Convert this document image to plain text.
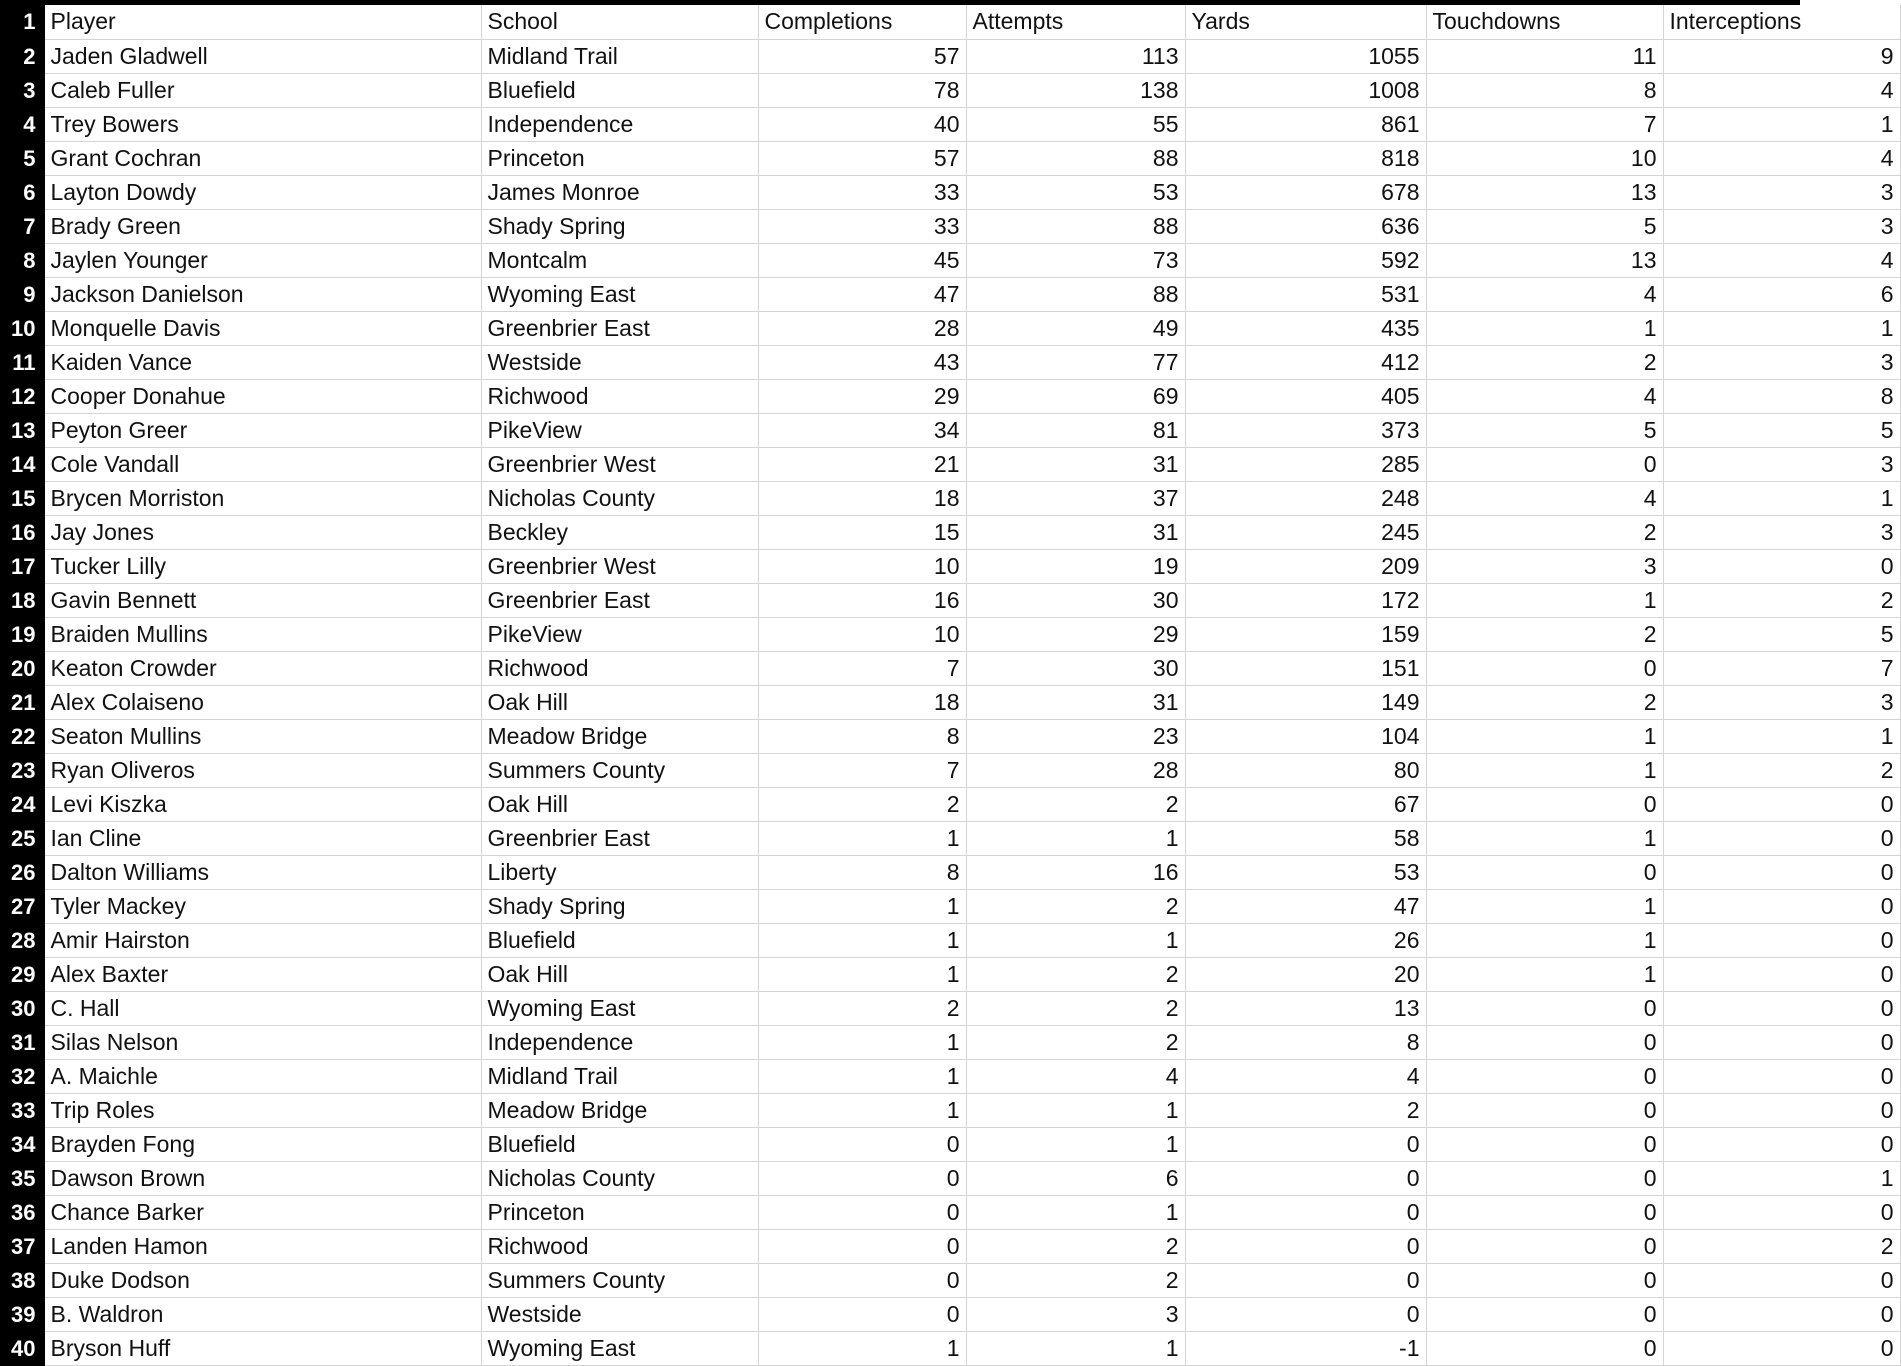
1	Player	School	Completions	Attempts	Yards	Touchdowns	Interceptions
2	Jaden Gladwell	Midland Trail	57	113	1055	11	9
3	Caleb Fuller	Bluefield	78	138	1008	8	4
4	Trey Bowers	Independence	40	55	861	7	1
5	Grant Cochran	Princeton	57	88	818	10	4
6	Layton Dowdy	James Monroe	33	53	678	13	3
7	Brady Green	Shady Spring	33	88	636	5	3
8	Jaylen Younger	Montcalm	45	73	592	13	4
9	Jackson Danielson	Wyoming East	47	88	531	4	6
10	Monquelle Davis	Greenbrier East	28	49	435	1	1
11	Kaiden Vance	Westside	43	77	412	2	3
12	Cooper Donahue	Richwood	29	69	405	4	8
13	Peyton Greer	PikeView	34	81	373	5	5
14	Cole Vandall	Greenbrier West	21	31	285	0	3
15	Brycen Morriston	Nicholas County	18	37	248	4	1
16	Jay Jones	Beckley	15	31	245	2	3
17	Tucker Lilly	Greenbrier West	10	19	209	3	0
18	Gavin Bennett	Greenbrier East	16	30	172	1	2
19	Braiden Mullins	PikeView	10	29	159	2	5
20	Keaton Crowder	Richwood	7	30	151	0	7
21	Alex Colaiseno	Oak Hill	18	31	149	2	3
22	Seaton Mullins	Meadow Bridge	8	23	104	1	1
23	Ryan Oliveros	Summers County	7	28	80	1	2
24	Levi Kiszka	Oak Hill	2	2	67	0	0
25	Ian Cline	Greenbrier East	1	1	58	1	0
26	Dalton Williams	Liberty	8	16	53	0	0
27	Tyler Mackey	Shady Spring	1	2	47	1	0
28	Amir Hairston	Bluefield	1	1	26	1	0
29	Alex Baxter	Oak Hill	1	2	20	1	0
30	C. Hall	Wyoming East	2	2	13	0	0
31	Silas Nelson	Independence	1	2	8	0	0
32	A. Maichle	Midland Trail	1	4	4	0	0
33	Trip Roles	Meadow Bridge	1	1	2	0	0
34	Brayden Fong	Bluefield	0	1	0	0	0
35	Dawson Brown	Nicholas County	0	6	0	0	1
36	Chance Barker	Princeton	0	1	0	0	0
37	Landen Hamon	Richwood	0	2	0	0	2
38	Duke Dodson	Summers County	0	2	0	0	0
39	B. Waldron	Westside	0	3	0	0	0
40	Bryson Huff	Wyoming East	1	1	-1	0	0
